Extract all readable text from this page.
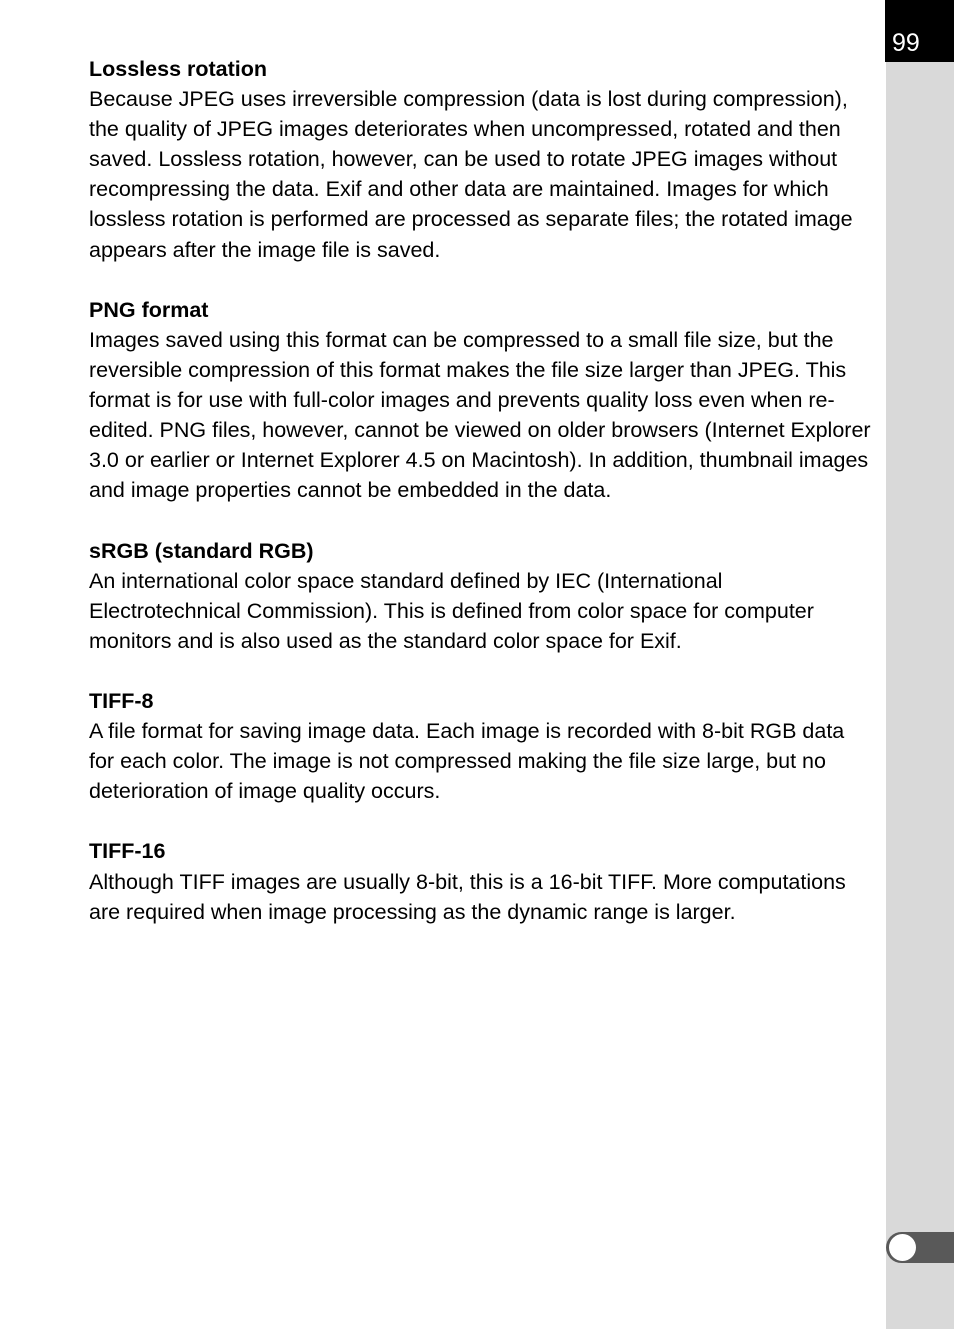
99

Lossless rotation

Because JPEG uses irreversible compression (data is lost during compression), the quality of JPEG images deteriorates when uncompressed, rotated and then saved. Lossless rotation, however, can be used to rotate JPEG images without recompressing the data. Exif and other data are maintained. Images for which lossless rotation is performed are processed as separate files; the rotated image appears after the image file is saved.

PNG format

Images saved using this format can be compressed to a small file size, but the reversible compression of this format makes the file size larger than JPEG. This format is for use with full-color images and prevents quality loss even when re-edited. PNG files, however, cannot be viewed on older browsers (Internet Explorer 3.0 or earlier or Internet Explorer 4.5 on Macintosh). In addition, thumbnail images and image properties cannot be embedded in the data.

sRGB (standard RGB)

An international color space standard defined by IEC (International Electrotechnical Commission). This is defined from color space for computer monitors and is also used as the standard color space for Exif.

TIFF-8

A file format for saving image data. Each image is recorded with 8-bit RGB data for each color. The image is not compressed making the file size large, but no deterioration of image quality occurs.

TIFF-16

Although TIFF images are usually 8-bit, this is a 16-bit TIFF. More computations are required when image processing as the dynamic range is larger.
